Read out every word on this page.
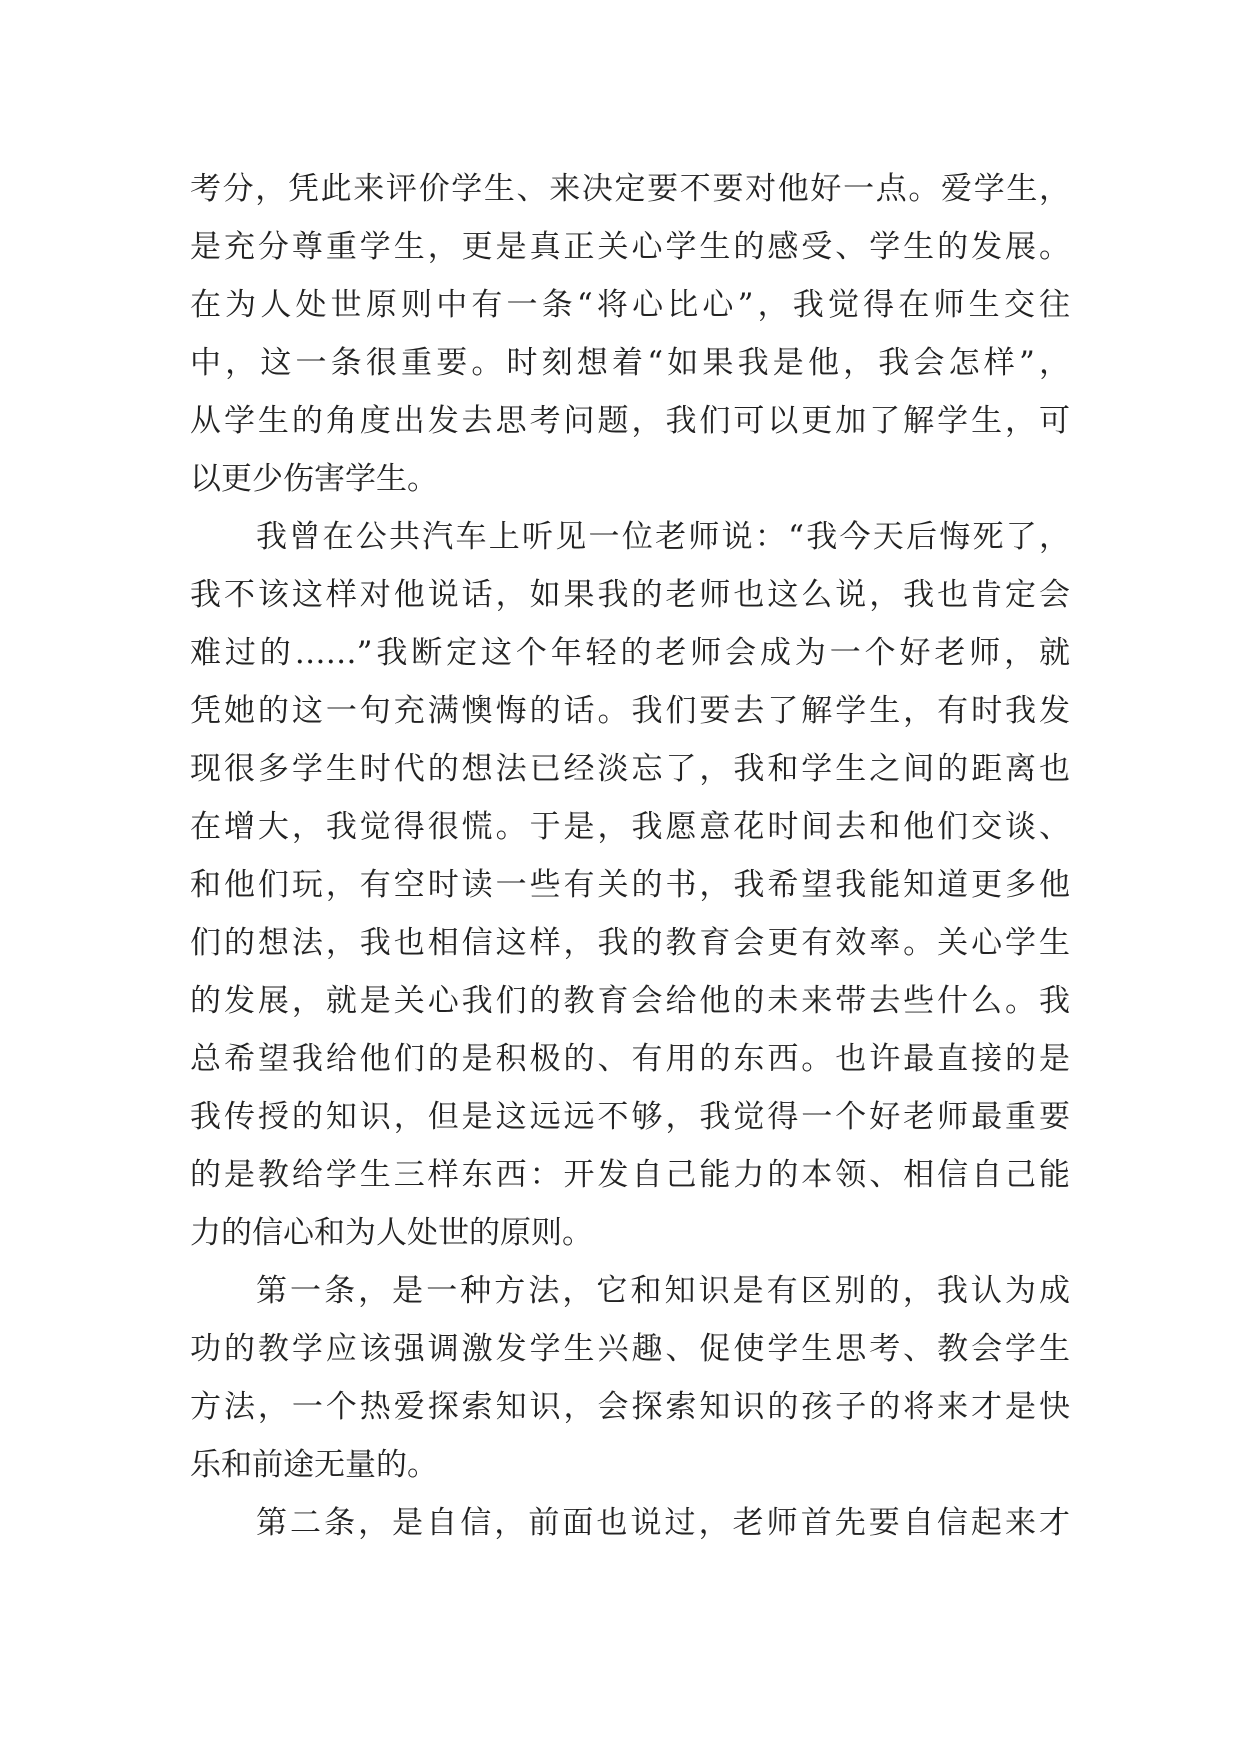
考分，凭此来评价学生、来决定要不要对他好一点。爱学生，
是充分尊重学生，更是真正关心学生的感受、学生的发展。
在为人处世原则中有一条“将心比心”，我觉得在师生交往
中，这一条很重要。时刻想着“如果我是他，我会怎样”，
从学生的角度出发去思考问题，我们可以更加了解学生，可
以更少伤害学生。
我曾在公共汽车上听见一位老师说：“我今天后悔死了，
我不该这样对他说话，如果我的老师也这么说，我也肯定会
难过的……”我断定这个年轻的老师会成为一个好老师，就
凭她的这一句充满懊悔的话。我们要去了解学生，有时我发
现很多学生时代的想法已经淡忘了，我和学生之间的距离也
在增大，我觉得很慌。于是，我愿意花时间去和他们交谈、
和他们玩，有空时读一些有关的书，我希望我能知道更多他
们的想法，我也相信这样，我的教育会更有效率。关心学生
的发展，就是关心我们的教育会给他的未来带去些什么。我
总希望我给他们的是积极的、有用的东西。也许最直接的是
我传授的知识，但是这远远不够，我觉得一个好老师最重要
的是教给学生三样东西：开发自己能力的本领、相信自己能
力的信心和为人处世的原则。
第一条，是一种方法，它和知识是有区别的，我认为成
功的教学应该强调激发学生兴趣、促使学生思考、教会学生
方法，一个热爱探索知识，会探索知识的孩子的将来才是快
乐和前途无量的。
第二条，是自信，前面也说过，老师首先要自信起来才
